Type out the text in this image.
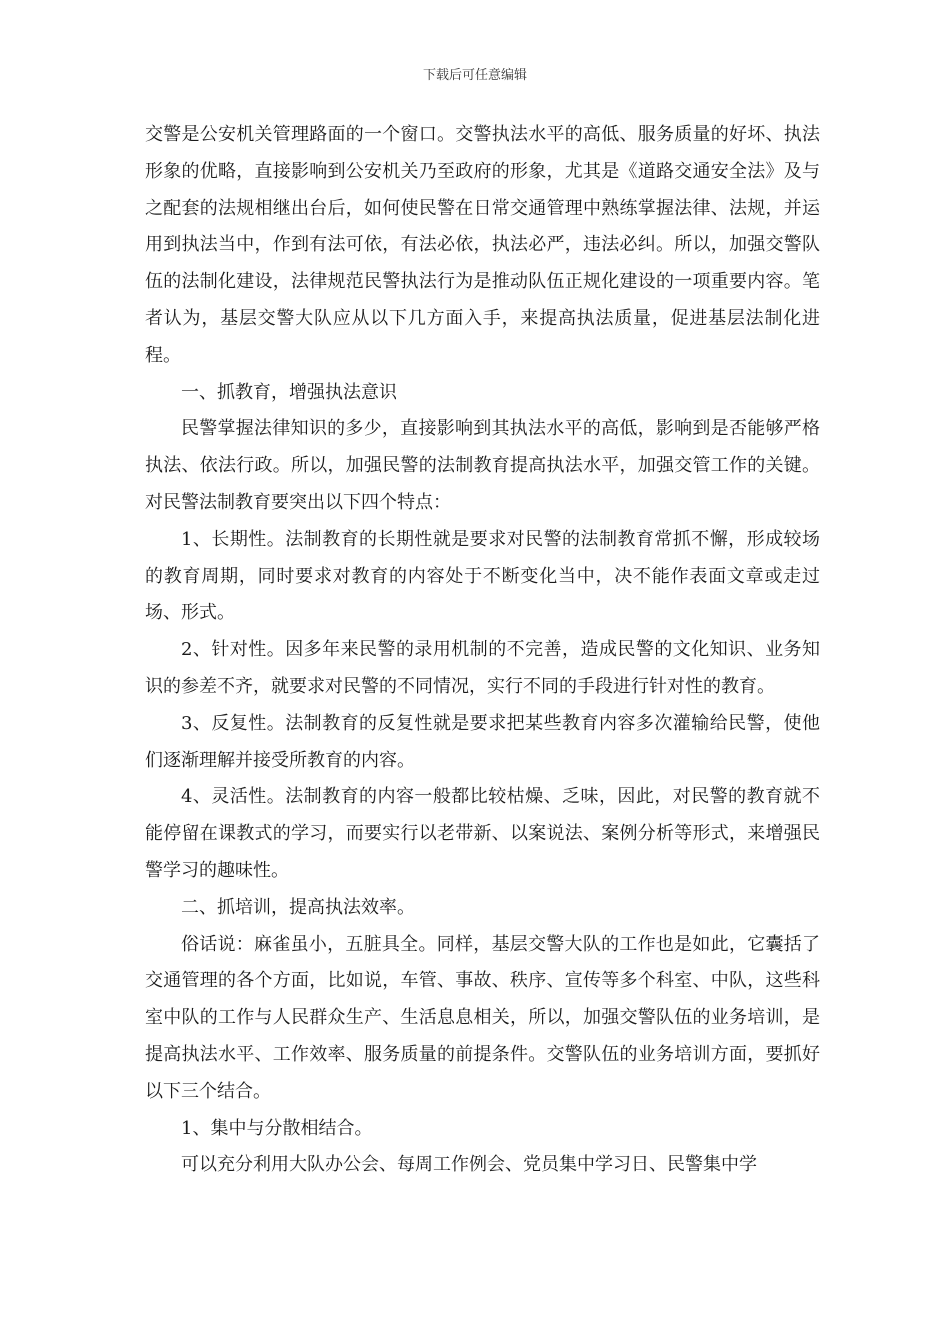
下载后可任意编辑

交警是公安机关管理路面的一个窗口。交警执法水平的高低、服务质量的好坏、执法形象的优略，直接影响到公安机关乃至政府的形象，尤其是《道路交通安全法》及与之配套的法规相继出台后，如何使民警在日常交通管理中熟练掌握法律、法规，并运用到执法当中，作到有法可依，有法必依，执法必严，违法必纠。所以，加强交警队伍的法制化建设，法律规范民警执法行为是推动队伍正规化建设的一项重要内容。笔者认为，基层交警大队应从以下几方面入手，来提高执法质量，促进基层法制化进程。

一、抓教育，增强执法意识

民警掌握法律知识的多少，直接影响到其执法水平的高低，影响到是否能够严格执法、依法行政。所以，加强民警的法制教育提高执法水平，加强交管工作的关键。对民警法制教育要突出以下四个特点：

1、长期性。法制教育的长期性就是要求对民警的法制教育常抓不懈，形成较场的教育周期，同时要求对教育的内容处于不断变化当中，决不能作表面文章或走过场、形式。

2、针对性。因多年来民警的录用机制的不完善，造成民警的文化知识、业务知识的参差不齐，就要求对民警的不同情况，实行不同的手段进行针对性的教育。

3、反复性。法制教育的反复性就是要求把某些教育内容多次灌输给民警，使他们逐渐理解并接受所教育的内容。

4、灵活性。法制教育的内容一般都比较枯燥、乏味，因此，对民警的教育就不能停留在课教式的学习，而要实行以老带新、以案说法、案例分析等形式，来增强民警学习的趣味性。

二、抓培训，提高执法效率。

俗话说：麻雀虽小，五脏具全。同样，基层交警大队的工作也是如此，它囊括了交通管理的各个方面，比如说，车管、事故、秩序、宣传等多个科室、中队，这些科室中队的工作与人民群众生产、生活息息相关，所以，加强交警队伍的业务培训，是提高执法水平、工作效率、服务质量的前提条件。交警队伍的业务培训方面，要抓好以下三个结合。

1、集中与分散相结合。

可以充分利用大队办公会、每周工作例会、党员集中学习日、民警集中学
